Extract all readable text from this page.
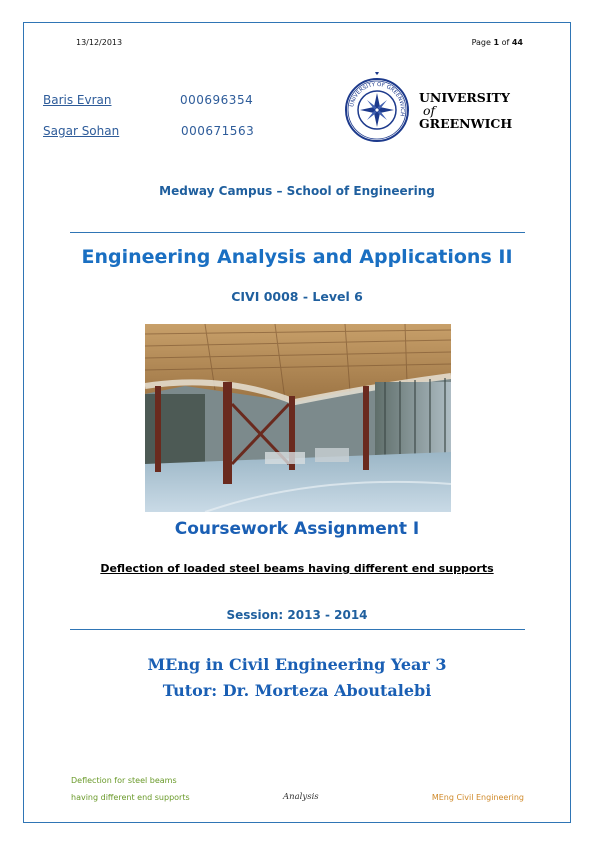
13/12/2013	Page 1 of 44
Baris Evran	000696354
Sagar Sohan	000671563
UNIVERSITY OF GREENWICH
UNIVERSITY
of
GREENWICH
Medway Campus – School of Engineering
Engineering Analysis and Applications II
CIVI 0008 - Level 6
Coursework Assignment I
Deflection of loaded steel beams having different end supports
Session: 2013 - 2014
MEng in Civil Engineering Year 3
Tutor: Dr. Morteza Aboutalebi
Deflection for steel beams
having different end supports	Analysis	MEng Civil Engineering
